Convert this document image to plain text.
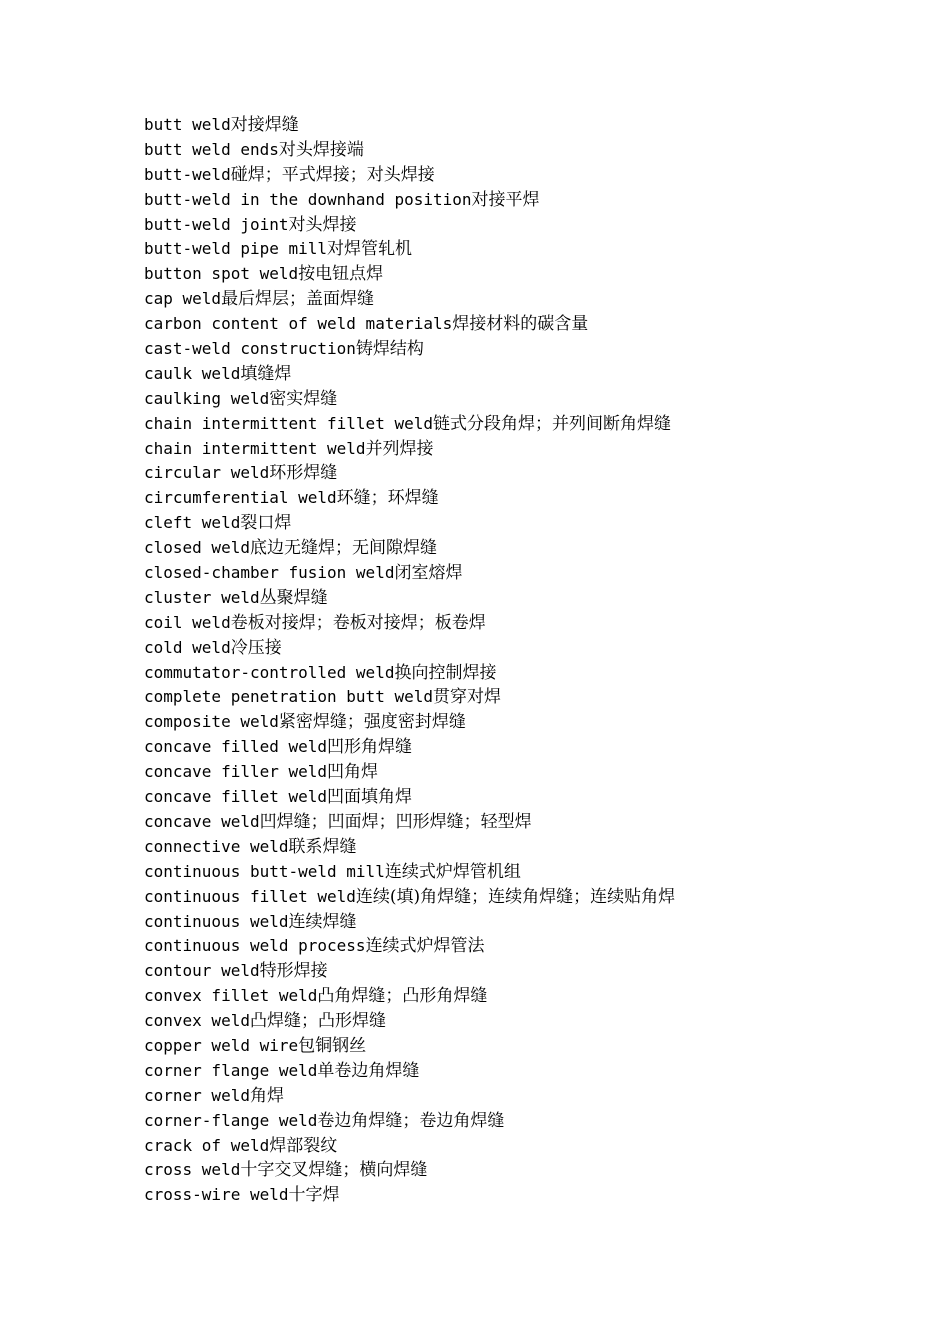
butt weld对接焊缝
butt weld ends对头焊接端
butt-weld碰焊；平式焊接；对头焊接
butt-weld in the downhand position对接平焊
butt-weld joint对头焊接
butt-weld pipe mill对焊管轧机
button spot weld按电钮点焊
cap weld最后焊层；盖面焊缝
carbon content of weld materials焊接材料的碳含量
cast-weld construction铸焊结构
caulk weld填缝焊
caulking weld密实焊缝
chain intermittent fillet weld链式分段角焊；并列间断角焊缝
chain intermittent weld并列焊接
circular weld环形焊缝
circumferential weld环缝；环焊缝
cleft weld裂口焊
closed weld底边无缝焊；无间隙焊缝
closed-chamber fusion weld闭室熔焊
cluster weld丛聚焊缝
coil weld卷板对接焊；卷板对接焊；板卷焊
cold weld冷压接
commutator-controlled weld换向控制焊接
complete penetration butt weld贯穿对焊
composite weld紧密焊缝；强度密封焊缝
concave filled weld凹形角焊缝
concave filler weld凹角焊
concave fillet weld凹面填角焊
concave weld凹焊缝；凹面焊；凹形焊缝；轻型焊
connective weld联系焊缝
continuous butt-weld mill连续式炉焊管机组
continuous fillet weld连续(填)角焊缝；连续角焊缝；连续贴角焊
continuous weld连续焊缝
continuous weld process连续式炉焊管法
contour weld特形焊接
convex fillet weld凸角焊缝；凸形角焊缝
convex weld凸焊缝；凸形焊缝
copper weld wire包铜钢丝
corner flange weld单卷边角焊缝
corner weld角焊
corner-flange weld卷边角焊缝；卷边角焊缝
crack of weld焊部裂纹
cross weld十字交叉焊缝；横向焊缝
cross-wire weld十字焊
